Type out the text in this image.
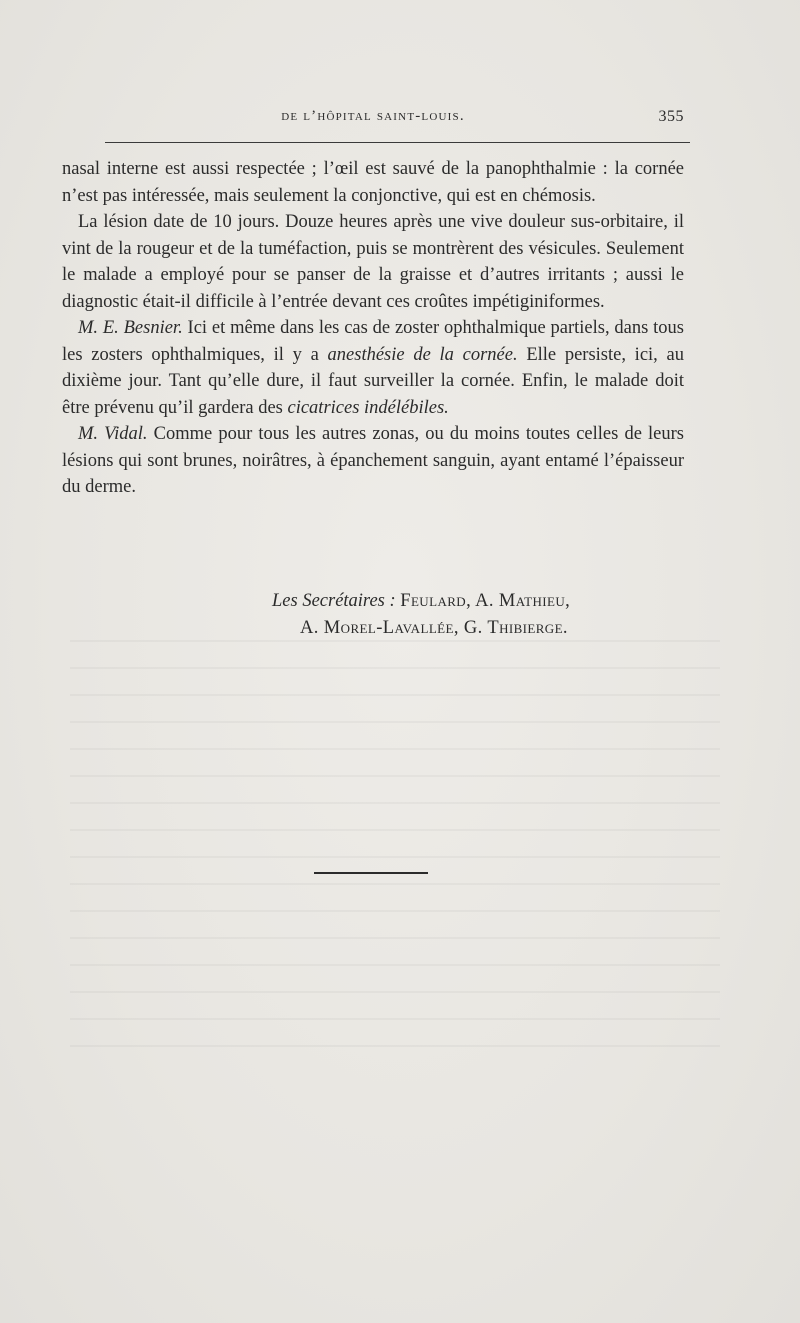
de l’hôpital saint-louis.	355

nasal interne est aussi respectée ; l’œil est sauvé de la panophthalmie : la cornée n’est pas intéressée, mais seulement la conjonctive, qui est en chémosis.

La lésion date de 10 jours. Douze heures après une vive douleur sus-orbitaire, il vint de la rougeur et de la tuméfaction, puis se montrèrent des vésicules. Seulement le malade a employé pour se panser de la graisse et d’autres irritants ; aussi le diagnostic était-il difficile à l’entrée devant ces croûtes impétiginiformes.

M. E. Besnier. Ici et même dans les cas de zoster ophthalmique partiels, dans tous les zosters ophthalmiques, il y a anesthésie de la cornée. Elle persiste, ici, au dixième jour. Tant qu’elle dure, il faut surveiller la cornée. Enfin, le malade doit être prévenu qu’il gardera des cicatrices indélébiles.

M. Vidal. Comme pour tous les autres zonas, ou du moins toutes celles de leurs lésions qui sont brunes, noirâtres, à épanchement sanguin, ayant entamé l’épaisseur du derme.

Les Secrétaires : Feulard, A. Mathieu,
A. Morel-Lavallée, G. Thibierge.
